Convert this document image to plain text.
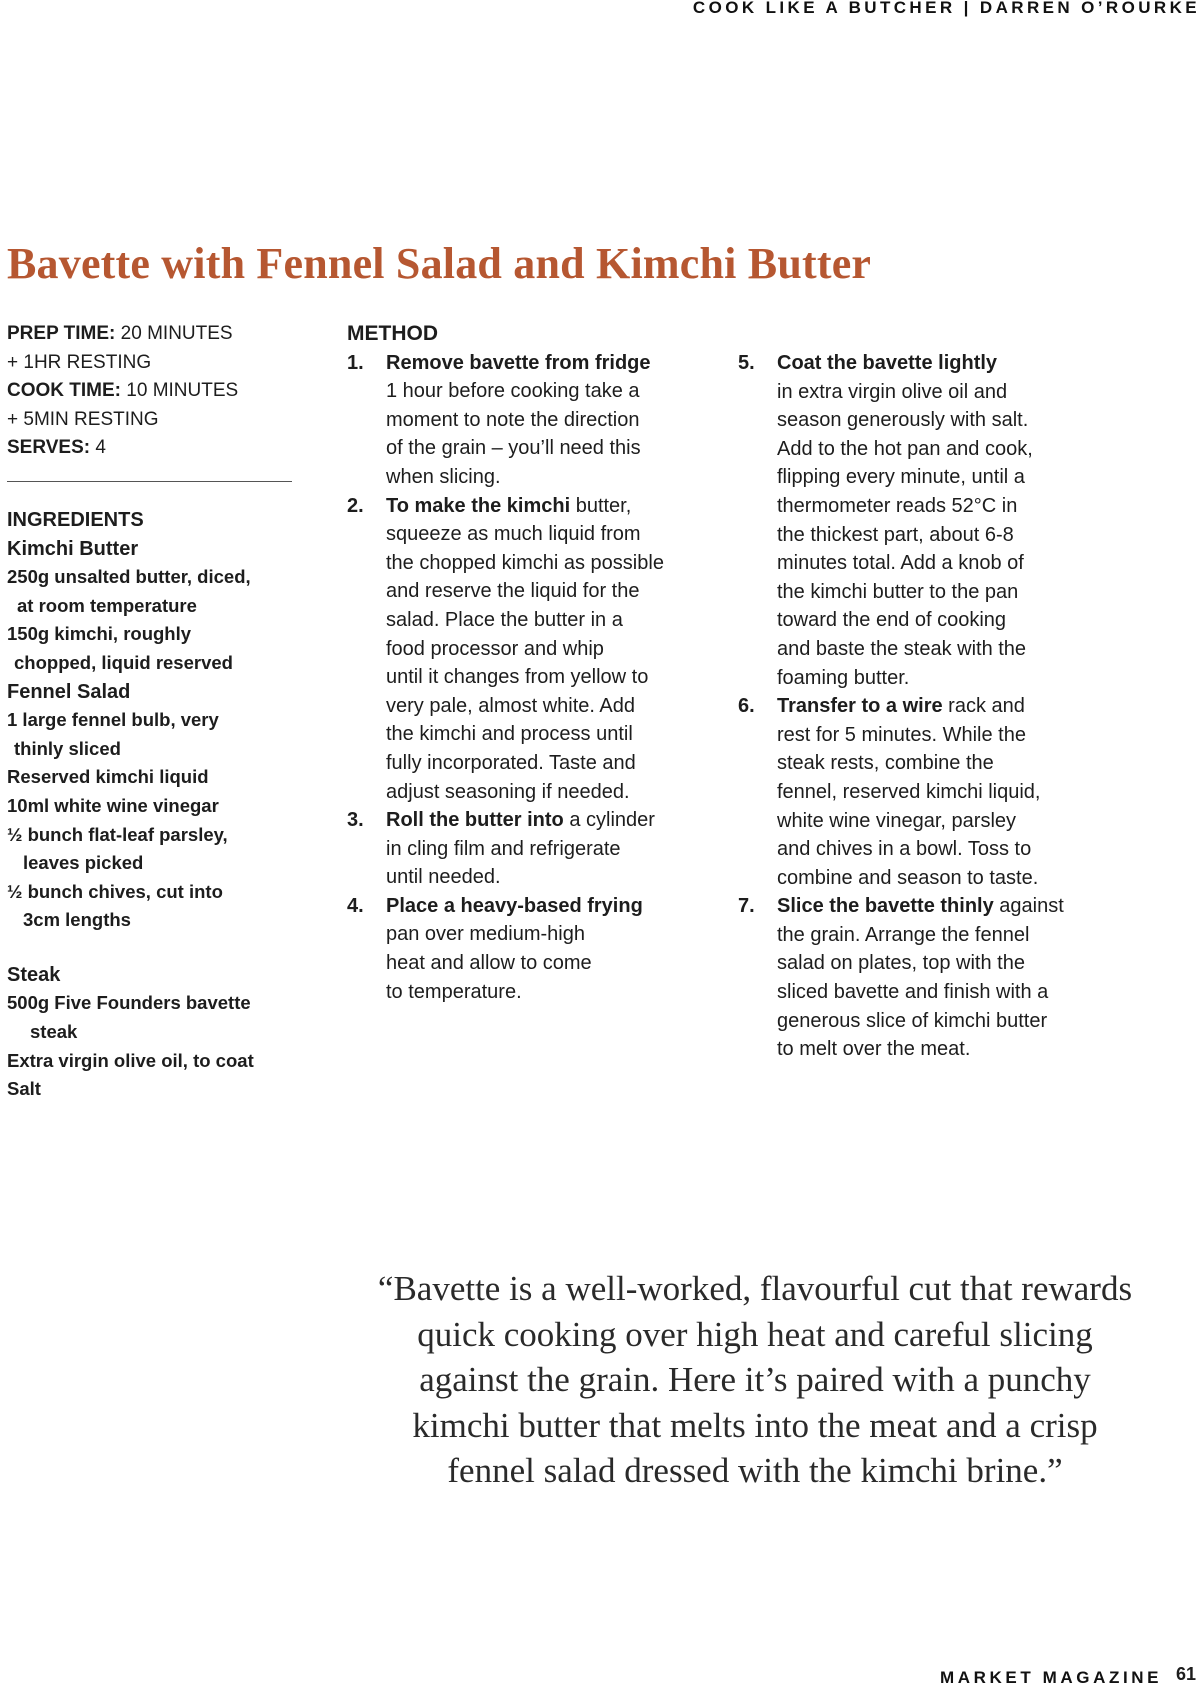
COOK LIKE A BUTCHER | DARREN O’ROURKE
Bavette with Fennel Salad and Kimchi Butter
PREP TIME: 20 MINUTES
+ 1HR RESTING
COOK TIME: 10 MINUTES
+ 5MIN RESTING
SERVES: 4
INGREDIENTS
Kimchi Butter
250g unsalted butter, diced,
at room temperature
150g kimchi, roughly
chopped, liquid reserved
Fennel Salad
1 large fennel bulb, very
thinly sliced
Reserved kimchi liquid
10ml white wine vinegar
½ bunch flat-leaf parsley,
leaves picked
½ bunch chives, cut into
3cm lengths
Steak
500g Five Founders bavette
steak
Extra virgin olive oil, to coat
Salt
METHOD
1.	Remove bavette from fridge
1 hour before cooking take a
moment to note the direction
of the grain – you’ll need this
when slicing.
2.	To make the kimchi butter,
squeeze as much liquid from
the chopped kimchi as possible
and reserve the liquid for the
salad. Place the butter in a
food processor and whip
until it changes from yellow to
very pale, almost white. Add
the kimchi and process until
fully incorporated. Taste and
adjust seasoning if needed.
3.	Roll the butter into a cylinder
in cling film and refrigerate
until needed.
4.	Place a heavy-based frying
pan over medium-high
heat and allow to come
to temperature.
5.	Coat the bavette lightly
in extra virgin olive oil and
season generously with salt.
Add to the hot pan and cook,
flipping every minute, until a
thermometer reads 52°C in
the thickest part, about 6-8
minutes total. Add a knob of
the kimchi butter to the pan
toward the end of cooking
and baste the steak with the
foaming butter.
6.	Transfer to a wire rack and
rest for 5 minutes. While the
steak rests, combine the
fennel, reserved kimchi liquid,
white wine vinegar, parsley
and chives in a bowl. Toss to
combine and season to taste.
7.	Slice the bavette thinly against
the grain. Arrange the fennel
salad on plates, top with the
sliced bavette and finish with a
generous slice of kimchi butter
to melt over the meat.
“Bavette is a well-worked, flavourful cut that rewards
quick cooking over high heat and careful slicing
against the grain. Here it’s paired with a punchy
kimchi butter that melts into the meat and a crisp
fennel salad dressed with the kimchi brine.”
MARKET MAGAZINE 61
